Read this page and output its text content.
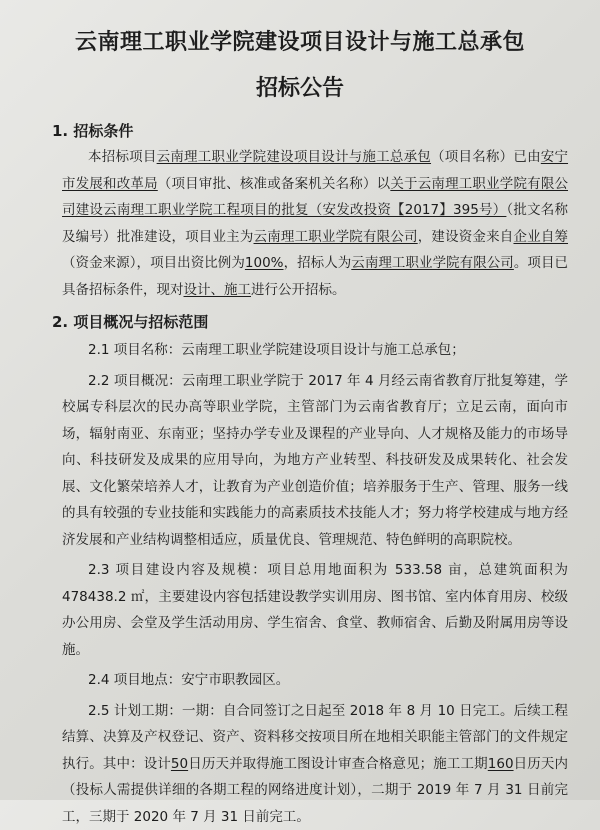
云南理工职业学院建设项目设计与施工总承包
招标公告
1. 招标条件

本招标项目云南理工职业学院建设项目设计与施工总承包（项目名称）已由安宁市发展和改革局（项目审批、核准或备案机关名称）以关于云南理工职业学院有限公司建设云南理工职业学院工程项目的批复（安发改投资【2017】395号）（批文名称及编号）批准建设，项目业主为云南理工职业学院有限公司，建设资金来自企业自筹（资金来源），项目出资比例为100%，招标人为云南理工职业学院有限公司。项目已具备招标条件，现对设计、施工进行公开招标。

2. 项目概况与招标范围

2.1 项目名称：云南理工职业学院建设项目设计与施工总承包；

2.2 项目概况：云南理工职业学院于 2017 年 4 月经云南省教育厅批复筹建，学校属专科层次的民办高等职业学院，主管部门为云南省教育厅；立足云南，面向市场，辐射南亚、东南亚；坚持办学专业及课程的产业导向、人才规格及能力的市场导向、科技研发及成果的应用导向，为地方产业转型、科技研发及成果转化、社会发展、文化繁荣培养人才，让教育为产业创造价值；培养服务于生产、管理、服务一线的具有较强的专业技能和实践能力的高素质技术技能人才；努力将学校建成与地方经济发展和产业结构调整相适应，质量优良、管理规范、特色鲜明的高职院校。

2.3 项目建设内容及规模：项目总用地面积为 533.58 亩，总建筑面积为 478438.2 ㎡，主要建设内容包括建设教学实训用房、图书馆、室内体育用房、校级办公用房、会堂及学生活动用房、学生宿舍、食堂、教师宿舍、后勤及附属用房等设施。

2.4 项目地点：安宁市职教园区。

2.5 计划工期：一期：自合同签订之日起至 2018 年 8 月 10 日完工。后续工程结算、决算及产权登记、资产、资料移交按项目所在地相关职能主管部门的文件规定执行。其中：设计50日历天并取得施工图设计审查合格意见；施工工期160日历天内（投标人需提供详细的各期工程的网络进度计划），二期于 2019 年 7 月 31 日前完工，三期于 2020 年 7 月 31 日前完工。
